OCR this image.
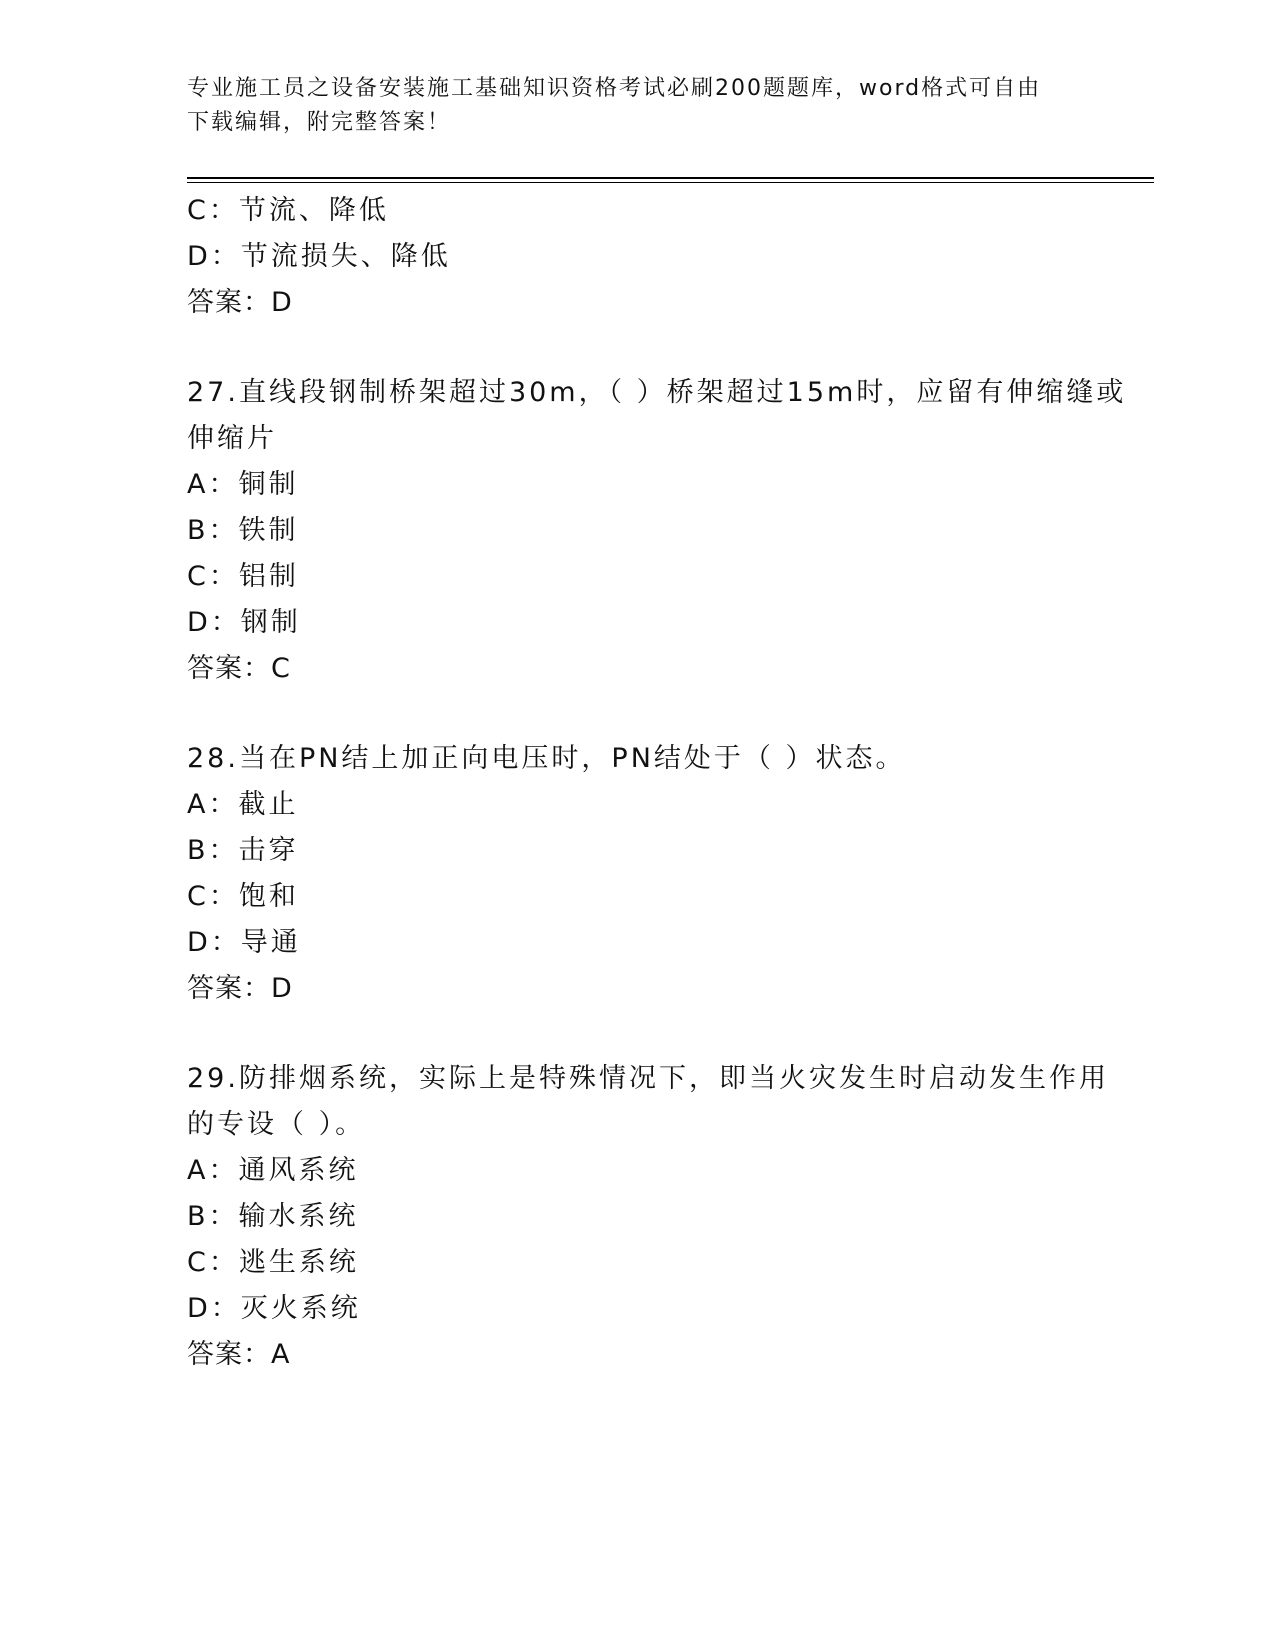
专业施工员之设备安装施工基础知识资格考试必刷200题题库，word格式可自由
下载编辑，附完整答案！
C：节流、降低
D：节流损失、降低
答案：D
27.直线段钢制桥架超过30m，（ ）桥架超过15m时，应留有伸缩缝或
伸缩片
A：铜制
B：铁制
C：铝制
D：钢制
答案：C
28.当在PN结上加正向电压时，PN结处于（ ）状态。
A：截止
B：击穿
C：饱和
D：导通
答案：D
29.防排烟系统，实际上是特殊情况下，即当火灾发生时启动发生作用
的专设（ ）。
A：通风系统
B：输水系统
C：逃生系统
D：灭火系统
答案：A
